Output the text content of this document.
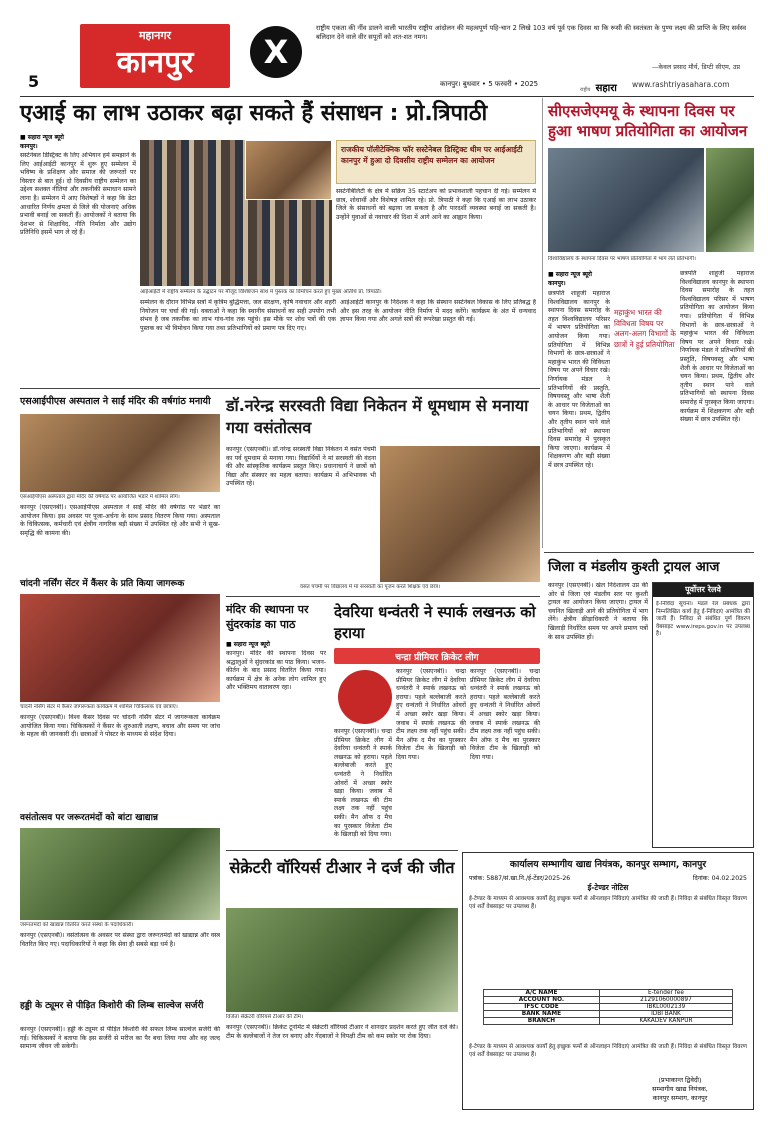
महानगर
कानपुर
5
X
राष्ट्रीय एकता की नींव डालने वाली भारतीय राष्ट्रीय आंदोलन की महत्वपूर्ण पहि-चान 2 लिखे 103 वर्ष पूर्व एक दिवस था कि रूसी की स्वतंत्रता के पुण्य लक्ष्य की प्राप्ति के लिए सर्वस्व बलिदान देने वाले वीर सपूतों को शत-शत नमन।
—केवल प्रसाद मौर्य, डिप्टी सीएम, उप्र
कानपुर। बुधवार • 5 फरवरी • 2025
राष्ट्रीय सहारा www.rashtriyasahara.com
एआई का लाभ उठाकर बढ़ा सकते हैं संसाधन : प्रो.त्रिपाठी
■ सहारा न्यूज ब्यूरो
कानपुर।
सस्टेनेबल डिस्ट्रिक्ट के लिए अभियान हमें समझाने के लिए आईआईटी कानपुर में शुरू हुए सम्मेलन में भविष्य के प्रशिक्षण और समाज की जरूरतों पर विस्तार से बात हुई। दो दिवसीय राष्ट्रीय सम्मेलन का उद्देश्य सशक्त नीतियां और तकनीकी समाधान सामने लाना है। सम्मेलन में आए विशेषज्ञों ने कहा कि डेटा आधारित निर्णय क्षमता से जिले की योजनाएं अधिक प्रभावी बनाई जा सकती हैं। आयोजकों ने बताया कि देशभर से शिक्षाविद, नीति निर्माता और उद्योग प्रतिनिधि इसमें भाग ले रहे हैं।
आईआईटी में राष्ट्रीय सम्मेलन के उद्घाटन पर मौजूद विशिष्टजन साथ में पुस्तक का विमोचन करते हुए मुख्य अतिथि प्रो. त्रिपाठी।
राजकीय पॉलीटेक्निक फॉर सस्टेनेबल डिस्ट्रिक्ट थीम पर आईआईटी कानपुर में हुआ दो दिवसीय राष्ट्रीय सम्मेलन का आयोजन
सस्टेनेबिलिटी के क्षेत्र में सक्रिय 35 स्टार्टअप को प्रभावशाली पहचान दी गई। सम्मेलन में छात्र, शोधार्थी और विशेषज्ञ शामिल रहे। प्रो. त्रिपाठी ने कहा कि एआई का लाभ उठाकर जिले के संसाधनों को बढ़ाया जा सकता है और पारदर्शी व्यवस्था बनाई जा सकती है। उन्होंने युवाओं से नवाचार की दिशा में आगे आने का आह्वान किया।
सम्मेलन के दौरान विभिन्न सत्रों में कृत्रिम बुद्धिमत्ता, जल संरक्षण, कृषि नवाचार और शहरी नियोजन पर चर्चा की गई। वक्ताओं ने कहा कि स्थानीय संसाधनों का सही उपयोग तभी संभव है जब तकनीक का लाभ गांव-गांव तक पहुंचे। इस मौके पर शोध पत्रों की एक पुस्तक का भी विमोचन किया गया तथा प्रतिभागियों को प्रमाण पत्र दिए गए।
आईआईटी कानपुर के निदेशक ने कहा कि संस्थान सस्टेनेबल विकास के लिए प्रतिबद्ध है और इस तरह के आयोजन नीति निर्माण में मदद करेंगे। कार्यक्रम के अंत में धन्यवाद ज्ञापन किया गया और अगले सत्रों की रूपरेखा प्रस्तुत की गई।
सीएसजेएमयू के स्थापना दिवस पर हुआ भाषण प्रतियोगिता का आयोजन
विश्वविद्यालय के स्थापना दिवस पर भाषण प्रतियोगिता में भाग लेते प्रतिभागी।
■ सहारा न्यूज ब्यूरो
कानपुर।
महाकुंभ भारत की विविधता विषय पर अलग-अलग विभागों के छात्रों ने हुई प्रतियोगिता
छत्रपति शाहूजी महाराज विश्वविद्यालय कानपुर के स्थापना दिवस समारोह के तहत विश्वविद्यालय परिसर में भाषण प्रतियोगिता का आयोजन किया गया। प्रतियोगिता में विभिन्न विभागों के छात्र-छात्राओं ने महाकुंभ भारत की विविधता विषय पर अपने विचार रखे। निर्णायक मंडल ने प्रतिभागियों की प्रस्तुति, विषयवस्तु और भाषा शैली के आधार पर विजेताओं का चयन किया। प्रथम, द्वितीय और तृतीय स्थान पाने वाले प्रतिभागियों को स्थापना दिवस समारोह में पुरस्कृत किया जाएगा। कार्यक्रम में शिक्षकगण और बड़ी संख्या में छात्र उपस्थित रहे।
छत्रपति शाहूजी महाराज विश्वविद्यालय कानपुर के स्थापना दिवस समारोह के तहत विश्वविद्यालय परिसर में भाषण प्रतियोगिता का आयोजन किया गया। प्रतियोगिता में विभिन्न विभागों के छात्र-छात्राओं ने महाकुंभ भारत की विविधता विषय पर अपने विचार रखे। निर्णायक मंडल ने प्रतिभागियों की प्रस्तुति, विषयवस्तु और भाषा शैली के आधार पर विजेताओं का चयन किया। प्रथम, द्वितीय और तृतीय स्थान पाने वाले प्रतिभागियों को स्थापना दिवस समारोह में पुरस्कृत किया जाएगा। कार्यक्रम में शिक्षकगण और बड़ी संख्या में छात्र उपस्थित रहे।
एसआईपीएस अस्पताल ने साईं मंदिर की वर्षगांठ मनायी
एसआईपीएस अस्पताल द्वारा मंदिर की वर्षगांठ पर आयोजित भंडारे में शामिल लोग।
कानपुर (एसएनबी)। एसआईपीएस अस्पताल ने साईं मंदिर की वर्षगांठ पर भंडारे का आयोजन किया। इस अवसर पर पूजा-अर्चना के साथ प्रसाद वितरण किया गया। अस्पताल के चिकित्सक, कर्मचारी एवं क्षेत्रीय नागरिक बड़ी संख्या में उपस्थित रहे और सभी ने सुख-समृद्धि की कामना की।
चांदनी नर्सिंग सेंटर में कैंसर के प्रति किया जागरूक
चांदनी नर्सिंग सेंटर में कैंसर जागरूकता कार्यक्रम में शामिल चिकित्सक एवं छात्राएं।
कानपुर (एसएनबी)। विश्व कैंसर दिवस पर चांदनी नर्सिंग सेंटर में जागरूकता कार्यक्रम आयोजित किया गया। चिकित्सकों ने कैंसर के शुरुआती लक्षण, बचाव और समय पर जांच के महत्व की जानकारी दी। छात्राओं ने पोस्टर के माध्यम से संदेश दिया।
डॉ.नरेन्द्र सरस्वती विद्या निकेतन में धूमधाम से मनाया गया वसंतोत्सव
कानपुर (एसएनबी)। डॉ.नरेन्द्र सरस्वती विद्या निकेतन में वसंत पंचमी का पर्व धूमधाम से मनाया गया। विद्यार्थियों ने मां सरस्वती की वंदना की और सांस्कृतिक कार्यक्रम प्रस्तुत किए। प्रधानाचार्य ने छात्रों को विद्या और संस्कार का महत्व बताया। कार्यक्रम में अभिभावक भी उपस्थित रहे।
वसंत पंचमी पर विद्यालय में मां सरस्वती का पूजन करते शिक्षक एवं छात्र।
जिला व मंडलीय कुश्ती ट्रायल आज
कानपुर (एसएनबी)। खेल निदेशालय उप्र की ओर से जिला एवं मंडलीय स्तर पर कुश्ती ट्रायल का आयोजन किया जाएगा। ट्रायल में चयनित खिलाड़ी आगे की प्रतियोगिता में भाग लेंगे। क्षेत्रीय क्रीड़ाधिकारी ने बताया कि खिलाड़ी निर्धारित समय पर अपने प्रमाण पत्रों के साथ उपस्थित हों।
पूर्वोत्तर रेलवे
ई-निविदा सूचना। मंडल रेल प्रबंधक द्वारा निम्नलिखित कार्य हेतु ई-निविदाएं आमंत्रित की जाती हैं। निविदा से संबंधित पूर्ण विवरण वेबसाइट www.ireps.gov.in पर उपलब्ध है।
मंदिर की स्थापना पर सुंदरकांड का पाठ
■ सहारा न्यूज ब्यूरो
कानपुर। मंदिर की स्थापना दिवस पर श्रद्धालुओं ने सुंदरकांड का पाठ किया। भजन-कीर्तन के बाद प्रसाद वितरित किया गया। कार्यक्रम में क्षेत्र के अनेक लोग शामिल हुए और भक्तिमय वातावरण रहा।
देवरिया धन्वंतरी ने स्पार्क लखनऊ को हराया
चन्द्रा प्रीमियर क्रिकेट लीग
कानपुर (एसएनबी)। चन्द्रा प्रीमियर क्रिकेट लीग में देवरिया धन्वंतरी ने स्पार्क लखनऊ को हराया। पहले बल्लेबाजी करते हुए धन्वंतरी ने निर्धारित ओवरों में अच्छा स्कोर खड़ा किया। जवाब में स्पार्क लखनऊ की टीम लक्ष्य तक नहीं पहुंच सकी। मैन ऑफ द मैच का पुरस्कार विजेता टीम के खिलाड़ी को दिया गया।
कानपुर (एसएनबी)। चन्द्रा प्रीमियर क्रिकेट लीग में देवरिया धन्वंतरी ने स्पार्क लखनऊ को हराया। पहले बल्लेबाजी करते हुए धन्वंतरी ने निर्धारित ओवरों में अच्छा स्कोर खड़ा किया। जवाब में स्पार्क लखनऊ की टीम लक्ष्य तक नहीं पहुंच सकी। मैन ऑफ द मैच का पुरस्कार विजेता टीम के खिलाड़ी को दिया गया।
कानपुर (एसएनबी)। चन्द्रा प्रीमियर क्रिकेट लीग में देवरिया धन्वंतरी ने स्पार्क लखनऊ को हराया। पहले बल्लेबाजी करते हुए धन्वंतरी ने निर्धारित ओवरों में अच्छा स्कोर खड़ा किया। जवाब में स्पार्क लखनऊ की टीम लक्ष्य तक नहीं पहुंच सकी। मैन ऑफ द मैच का पुरस्कार विजेता टीम के खिलाड़ी को दिया गया।
वसंतोत्सव पर जरूरतमंदों को बांटा खाद्यान्न
जरूरतमंदों को खाद्यान्न वितरित करते संस्था के पदाधिकारी।
कानपुर (एसएनबी)। वसंतोत्सव के अवसर पर संस्था द्वारा जरूरतमंदों को खाद्यान्न और वस्त्र वितरित किए गए। पदाधिकारियों ने कहा कि सेवा ही सबसे बड़ा धर्म है।
हड्डी के ट्यूमर से पीड़ित किशोरी की लिम्ब साल्वेज सर्जरी
कानपुर (एसएनबी)। हड्डी के ट्यूमर से पीड़ित किशोरी की सफल लिम्ब साल्वेज सर्जरी की गई। चिकित्सकों ने बताया कि इस सर्जरी से मरीज का पैर बचा लिया गया और वह जल्द सामान्य जीवन जी सकेगी।
सेक्रेटरी वॉरियर्स टीआर ने दर्ज की जीत
विजेता सेक्रेटरी वॉरियर्स टीआर की टीम।
कानपुर (एसएनबी)। क्रिकेट टूर्नामेंट में सेक्रेटरी वॉरियर्स टीआर ने शानदार प्रदर्शन करते हुए जीत दर्ज की। टीम के बल्लेबाजों ने तेज रन बनाए और गेंदबाजों ने विपक्षी टीम को कम स्कोर पर रोक दिया।
कार्यालय सम्भागीय खाद्य नियंत्रक, कानपुर सम्भाग, कानपुर
पत्रांक: 5887/सं.खा.नि./ई-टेंडर/2025-26	दिनांक: 04.02.2025
ई-टेण्डर नोटिस
ई-टेण्डर के माध्यम से आवश्यक कार्यों हेतु इच्छुक फर्मों से ऑनलाइन निविदाएं आमंत्रित की जाती हैं। निविदा से संबंधित विस्तृत विवरण एवं शर्तें वेबसाइट पर उपलब्ध हैं।
A/C NAME	E-tender fee
ACCOUNT NO.	21291060000897
IFSC CODE	IBKL0002139
BANK NAME	IDBI BANK
BRANCH	KAKADEV KANPUR
ई-टेण्डर के माध्यम से आवश्यक कार्यों हेतु इच्छुक फर्मों से ऑनलाइन निविदाएं आमंत्रित की जाती हैं। निविदा से संबंधित विस्तृत विवरण एवं शर्तें वेबसाइट पर उपलब्ध हैं।
(प्रभाकान्त द्विवेदी)
सम्भागीय खाद्य नियंत्रक,
कानपुर सम्भाग, कानपुर
